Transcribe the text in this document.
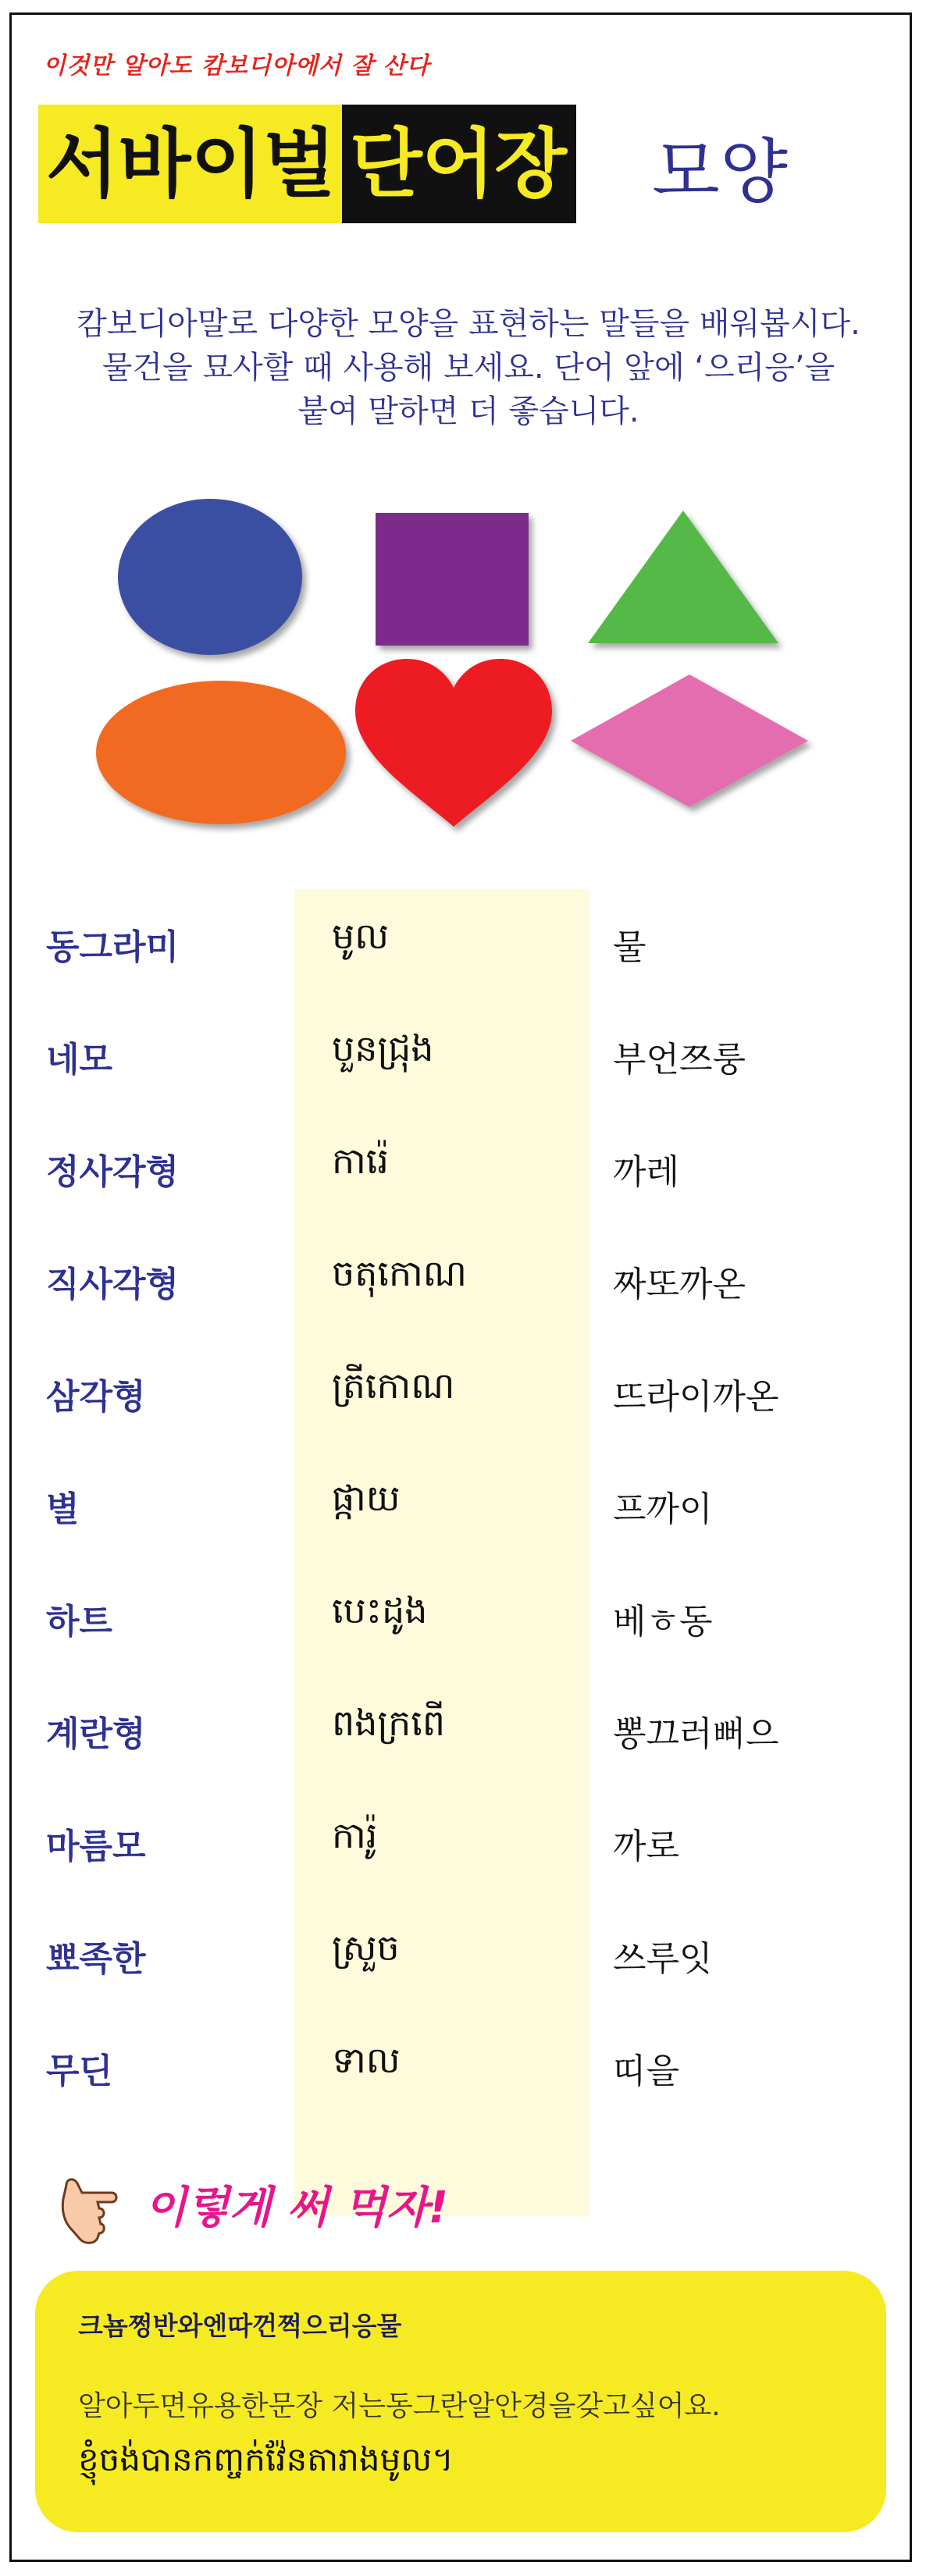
이것만 알아도 캄보디아에서 잘 산다
서바이벌 단어장 모양
캄보디아말로 다양한 모양을 표현하는 말들을 배워봅시다.
물건을 묘사할 때 사용해 보세요. 단어 앞에 ‘으리응’을
붙여 말하면 더 좋습니다.
동그라미	មូល	물
네모	បួនជ្រុង	부언쯔룽
정사각형	ការ៉េ	까레
직사각형	ចតុកោណ	짜또까온
삼각형	ត្រីកោណ	뜨라이까온
별	ផ្កាយ	프까이
하트	បេះដូង	베ㅎ동
계란형	ពងក្រពើ	뽕끄러뻐으
마름모	ការ៉ូ	까로
뾰족한	ស្រួច	쓰루잇
무딘	ទាល	띠을
이렇게 써 먹자!
크뇸쩡반와엔따껀쩍으리응물
알아두면유용한문장 저는동그란알안경을갖고싶어요.
ខ្ញុំចង់បានកញ្ចក់វ៉ែនតារាងមូល។
